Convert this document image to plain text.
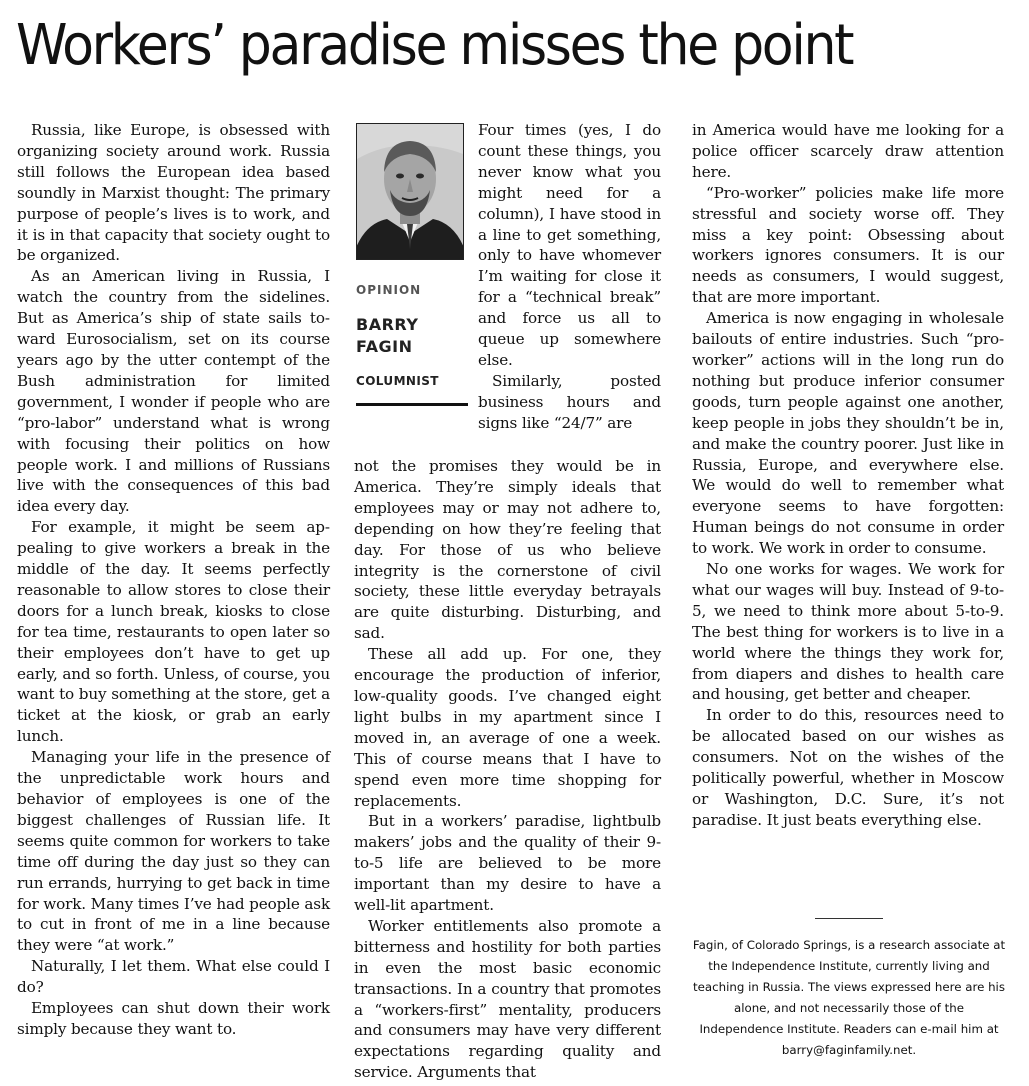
Workers’ paradise misses the point

Russia, like Europe, is obsessed with organizing society around work. Russia still follows the European idea based soundly in Marxist thought: The primary purpose of people’s lives is to work, and it is in that capacity that society ought to be organized.

As an American living in Russia, I watch the country from the sidelines. But as America’s ship of state sails toward Eurosocialism, set on its course years ago by the utter contempt of the Bush administration for limited government, I wonder if people who are “pro-labor” understand what is wrong with focusing their politics on how people work. I and millions of Russians live with the consequences of this bad idea every day.

For example, it might be seem appealing to give workers a break in the middle of the day. It seems perfectly reasonable to allow stores to close their doors for a lunch break, kiosks to close for tea time, restaurants to open later so their employees don’t have to get up early, and so forth. Unless, of course, you want to buy something at the store, get a ticket at the kiosk, or grab an early lunch.

Managing your life in the presence of the unpredictable work hours and behavior of employees is one of the biggest challenges of Russian life. It seems quite common for workers to take time off during the day just so they can run errands, hurrying to get back in time for work. Many times I’ve had people ask to cut in front of me in a line because they were “at work.”

Naturally, I let them. What else could I do?

Employees can shut down their work simply because they want to.

OPINION
BARRY
FAGIN
COLUMNIST

Four times (yes, I do count these things, you never know what you might need for a column), I have stood in a line to get something, only to have whomever I’m waiting for close it for a “technical break” and force us all to queue up somewhere else.

Similarly, posted business hours and signs like “24/7” are

not the promises they would be in America. They’re simply ideals that employees may or may not adhere to, depending on how they’re feeling that day. For those of us who believe integrity is the cornerstone of civil society, these little everyday betrayals are quite disturbing. Disturbing, and sad.

These all add up. For one, they encourage the production of inferior, low-quality goods. I’ve changed eight light bulbs in my apartment since I moved in, an average of one a week. This of course means that I have to spend even more time shopping for replacements.

But in a workers’ paradise, lightbulb makers’ jobs and the quality of their 9-to-5 life are believed to be more important than my desire to have a well-lit apartment.

Worker entitlements also promote a bitterness and hostility for both parties in even the most basic economic transactions. In a country that promotes a “workers-first” mentality, producers and consumers may have very different expectations regarding quality and service. Arguments that

in America would have me looking for a police officer scarcely draw attention here.

“Pro-worker” policies make life more stressful and society worse off. They miss a key point: Obsessing about workers ignores consumers. It is our needs as consumers, I would suggest, that are more important.

America is now engaging in wholesale bailouts of entire industries. Such “pro-worker” actions will in the long run do nothing but produce inferior consumer goods, turn people against one another, keep people in jobs they shouldn’t be in, and make the country poorer. Just like in Russia, Europe, and everywhere else. We would do well to remember what everyone seems to have forgotten: Human beings do not consume in order to work. We work in order to consume.

No one works for wages. We work for what our wages will buy. Instead of 9-to-5, we need to think more about 5-to-9. The best thing for workers is to live in a world where the things they work for, from diapers and dishes to health care and housing, get better and cheaper.

In order to do this, resources need to be allocated based on our wishes as consumers. Not on the wishes of the politically powerful, whether in Moscow or Washington, D.C. Sure, it’s not paradise. It just beats everything else.

Fagin, of Colorado Springs, is a research associate at the Independence Institute, currently living and teaching in Russia. The views expressed here are his alone, and not necessarily those of the Independence Institute. Readers can e-mail him at barry@faginfamily.net.
